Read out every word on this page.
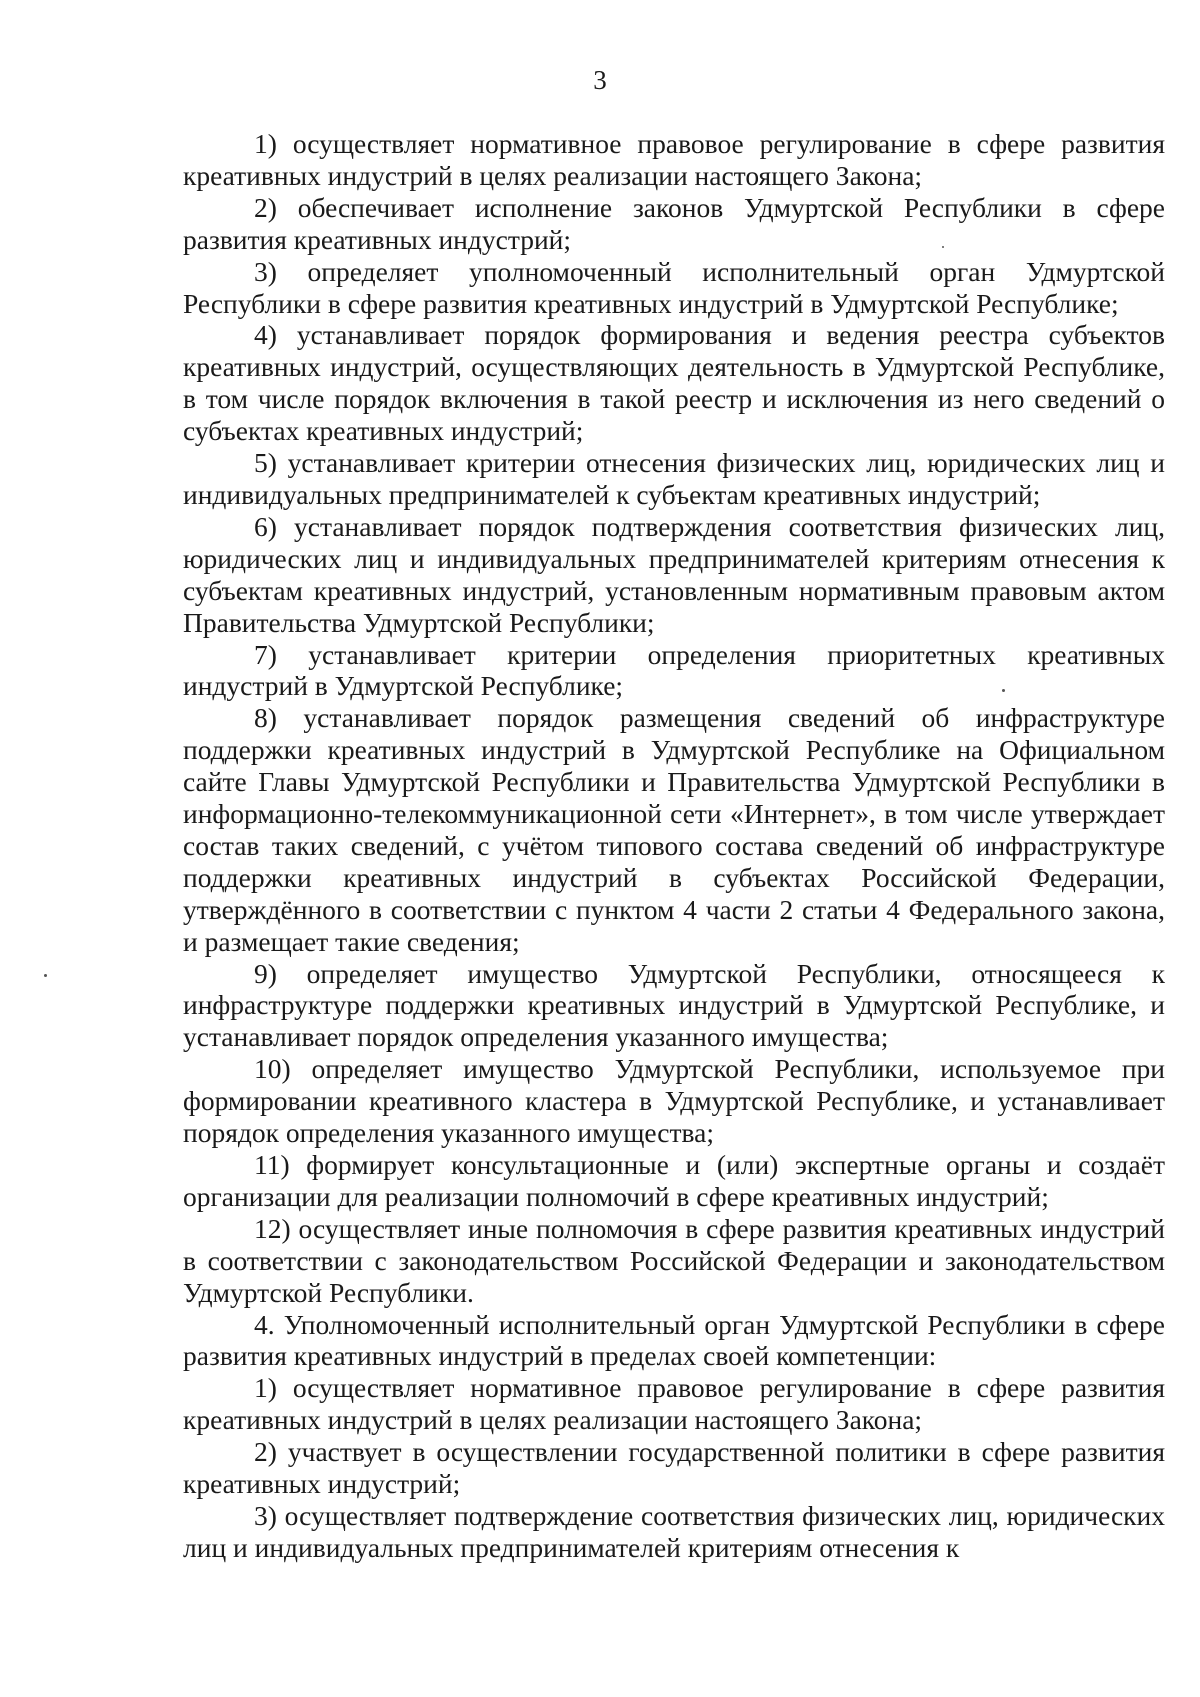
3

1) осуществляет нормативное правовое регулирование в сфере развития креативных индустрий в целях реализации настоящего Закона;

2) обеспечивает исполнение законов Удмуртской Республики в сфере развития креативных индустрий;

3) определяет уполномоченный исполнительный орган Удмуртской Республики в сфере развития креативных индустрий в Удмуртской Республике;

4) устанавливает порядок формирования и ведения реестра субъектов креативных индустрий, осуществляющих деятельность в Удмуртской Республике, в том числе порядок включения в такой реестр и исключения из него сведений о субъектах креативных индустрий;

5) устанавливает критерии отнесения физических лиц, юридических лиц и индивидуальных предпринимателей к субъектам креативных индустрий;

6) устанавливает порядок подтверждения соответствия физических лиц, юридических лиц и индивидуальных предпринимателей критериям отнесения к субъектам креативных индустрий, установленным нормативным правовым актом Правительства Удмуртской Республики;

7) устанавливает критерии определения приоритетных креативных индустрий в Удмуртской Республике;

8) устанавливает порядок размещения сведений об инфраструктуре поддержки креативных индустрий в Удмуртской Республике на Официальном сайте Главы Удмуртской Республики и Правительства Удмуртской Республики в информационно-телекоммуникационной сети «Интернет», в том числе утверждает состав таких сведений, с учётом типового состава сведений об инфраструктуре поддержки креативных индустрий в субъектах Российской Федерации, утверждённого в соответствии с пунктом 4 части 2 статьи 4 Федерального закона, и размещает такие сведения;

9) определяет имущество Удмуртской Республики, относящееся к инфраструктуре поддержки креативных индустрий в Удмуртской Республике, и устанавливает порядок определения указанного имущества;

10) определяет имущество Удмуртской Республики, используемое при формировании креативного кластера в Удмуртской Республике, и устанавливает порядок определения указанного имущества;

11) формирует консультационные и (или) экспертные органы и создаёт организации для реализации полномочий в сфере креативных индустрий;

12) осуществляет иные полномочия в сфере развития креативных индустрий в соответствии с законодательством Российской Федерации и законодательством Удмуртской Республики.

4. Уполномоченный исполнительный орган Удмуртской Республики в сфере развития креативных индустрий в пределах своей компетенции:

1) осуществляет нормативное правовое регулирование в сфере развития креативных индустрий в целях реализации настоящего Закона;

2) участвует в осуществлении государственной политики в сфере развития креативных индустрий;

3) осуществляет подтверждение соответствия физических лиц, юридических лиц и индивидуальных предпринимателей критериям отнесения к
